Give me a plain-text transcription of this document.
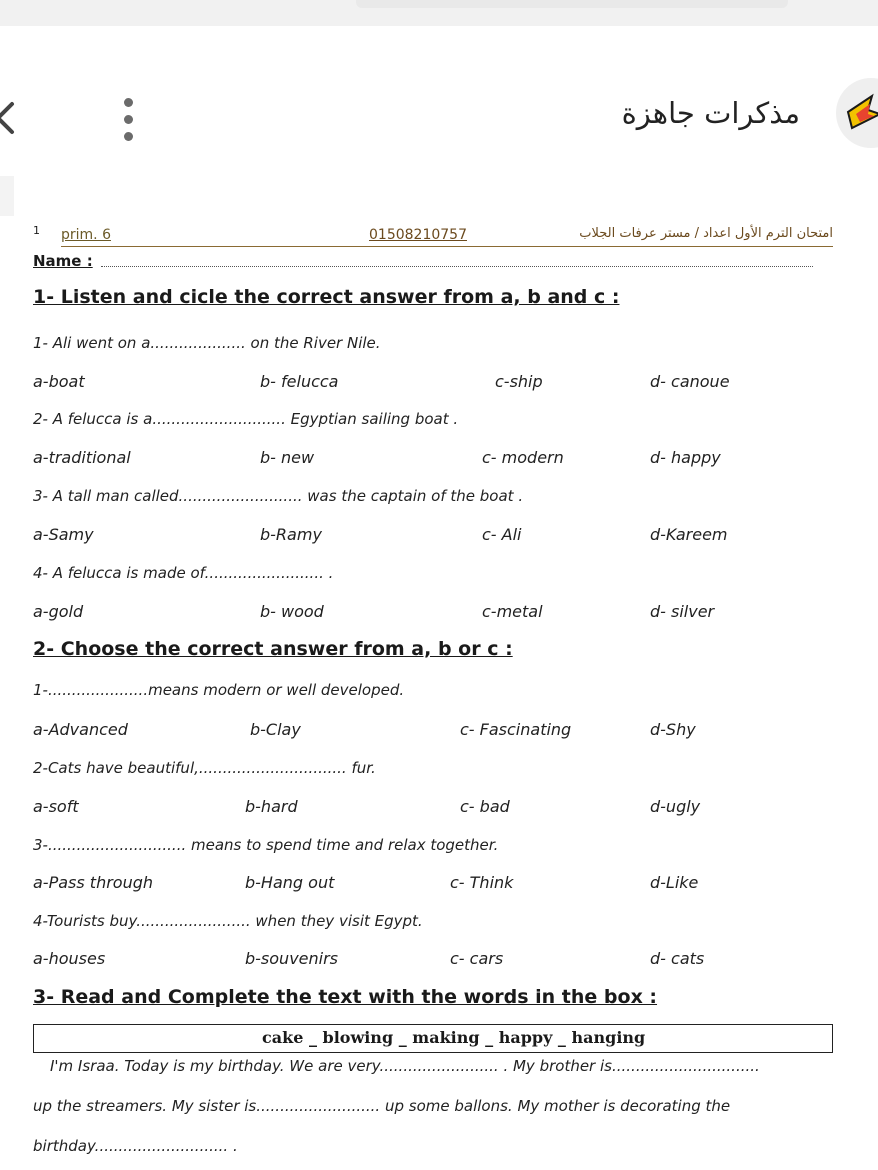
مذكرات جاهزة
1 prim. 6	01508210757	امتحان الترم الأول اعداد / مستر عرفات الجلاب
Name :
1- Listen and cicle the correct answer from a, b and c :
1- Ali went on a.................... on the River Nile.
a-boat	b- felucca	c-ship	d- canoue
2- A felucca is a............................ Egyptian sailing boat .
a-traditional	b- new	c- modern	d- happy
3- A tall man called.......................... was the captain of the boat .
a-Samy	b-Ramy	c- Ali	d-Kareem
4- A felucca is made of......................... .
a-gold	b- wood	c-metal	d- silver
2- Choose the correct answer from a, b or c :
1-.....................means modern or well developed.
a-Advanced	b-Clay	c- Fascinating	d-Shy
2-Cats have beautiful,............................... fur.
a-soft	b-hard	c- bad	d-ugly
3-............................. means to spend time and relax together.
a-Pass through	b-Hang out	c- Think	d-Like
4-Tourists buy........................ when they visit Egypt.
a-houses	b-souvenirs	c- cars	d- cats
3- Read and Complete the text with the words in the box :
cake _ blowing _ making _ happy _ hanging
I'm Israa. Today is my birthday. We are very......................... . My brother is...............................
up the streamers. My sister is.......................... up some ballons. My mother is decorating the
birthday............................ .
